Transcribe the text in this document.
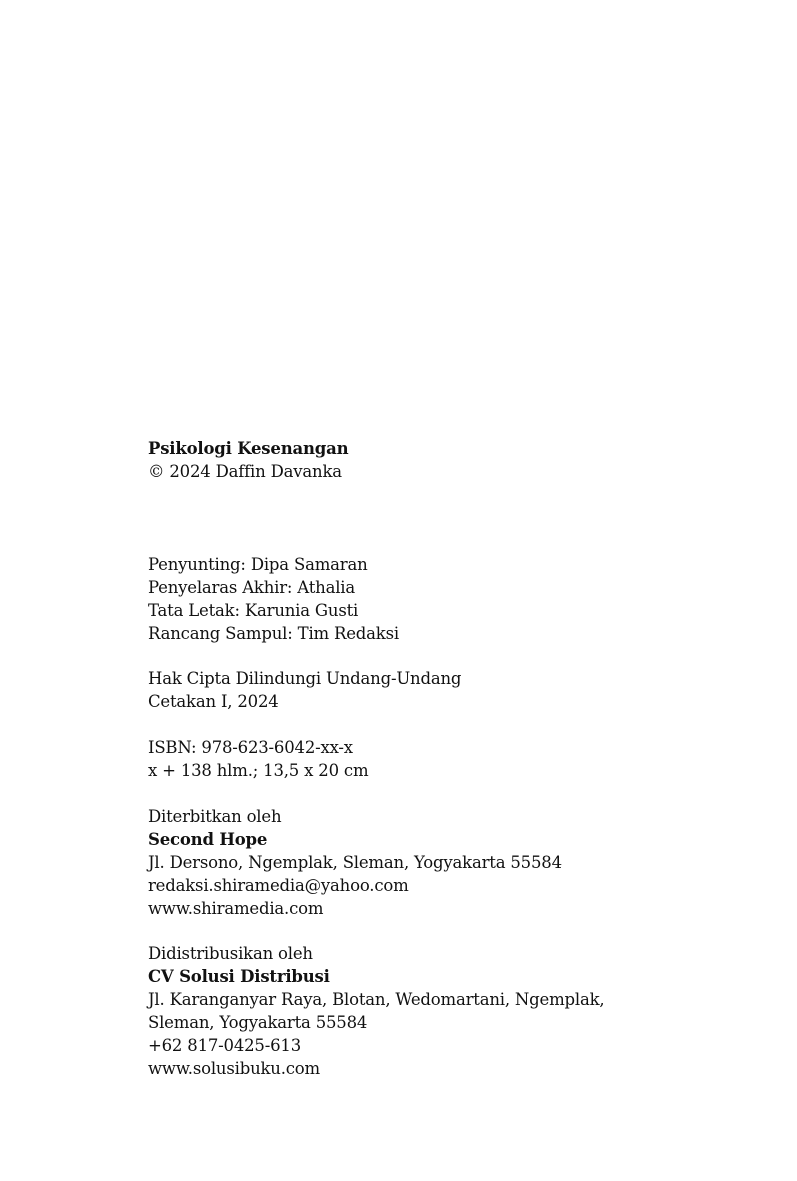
Psikologi Kesenangan
© 2024 Daffin Davanka
Penyunting: Dipa Samaran
Penyelaras Akhir: Athalia
Tata Letak: Karunia Gusti
Rancang Sampul: Tim Redaksi
Hak Cipta Dilindungi Undang-Undang
Cetakan I, 2024
ISBN: 978-623-6042-xx-x
x + 138 hlm.; 13,5 x 20 cm
Diterbitkan oleh
Second Hope
Jl. Dersono, Ngemplak, Sleman, Yogyakarta 55584
redaksi.shiramedia@yahoo.com
www.shiramedia.com
Didistribusikan oleh
CV Solusi Distribusi
Jl. Karanganyar Raya, Blotan, Wedomartani, Ngemplak,
Sleman, Yogyakarta 55584
+62 817-0425-613
www.solusibuku.com
